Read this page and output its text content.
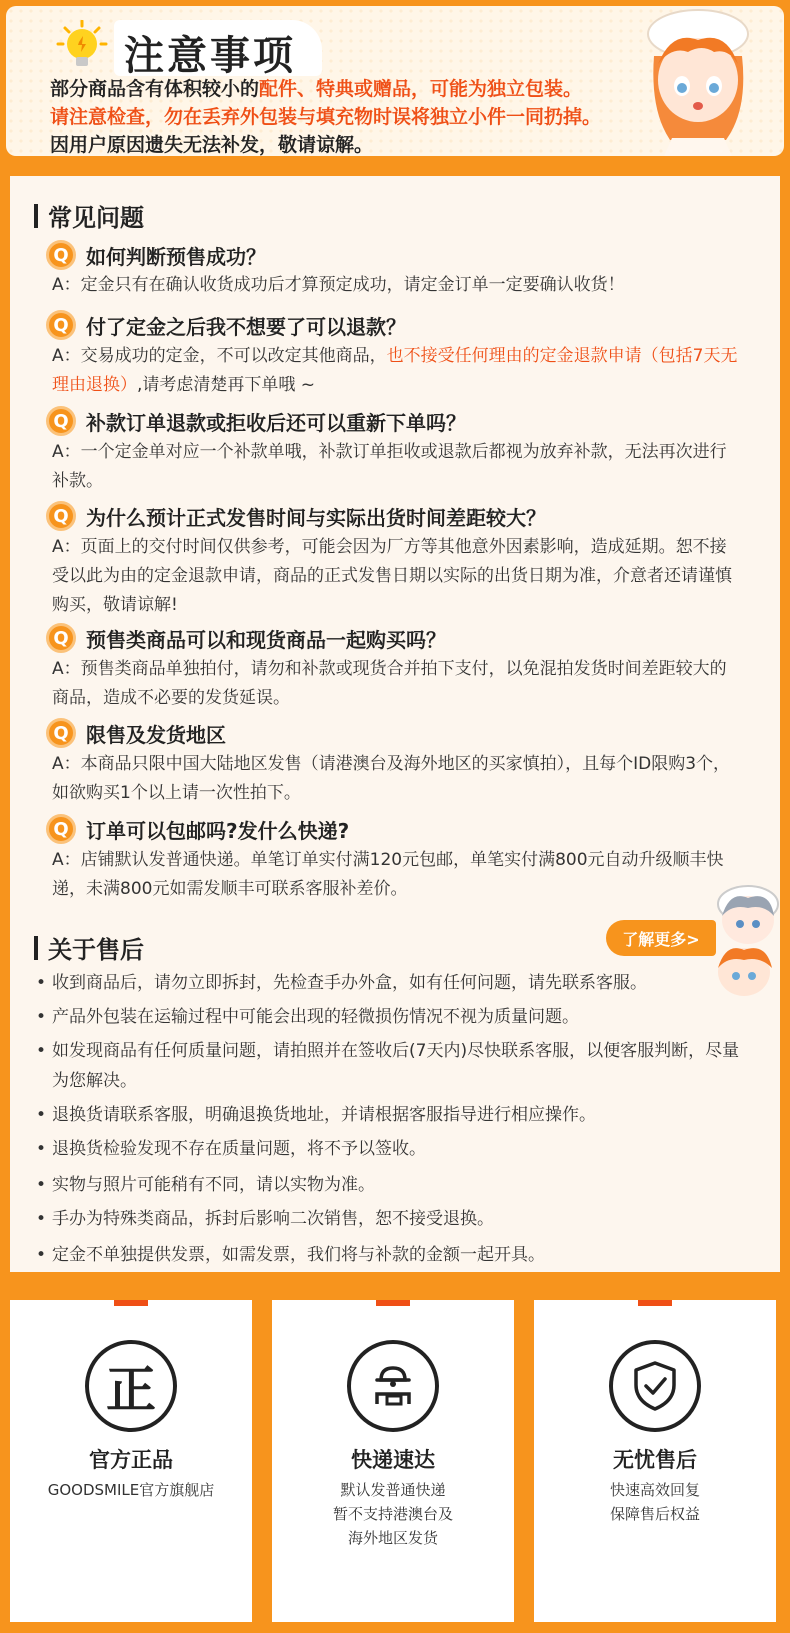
注意事项
部分商品含有体积较小的配件、特典或赠品，可能为独立包装。
请注意检查，勿在丢弃外包装与填充物时误将独立小件一同扔掉。
因用户原因遗失无法补发，敬请谅解。
常见问题
Q 如何判断预售成功？
A：定金只有在确认收货成功后才算预定成功，请定金订单一定要确认收货！
Q 付了定金之后我不想要了可以退款？
A：交易成功的定金，不可以改定其他商品，也不接受任何理由的定金退款申请（包括7天无理由退换）,请考虑清楚再下单哦 ~
Q 补款订单退款或拒收后还可以重新下单吗？
A：一个定金单对应一个补款单哦，补款订单拒收或退款后都视为放弃补款，无法再次进行补款。
Q 为什么预计正式发售时间与实际出货时间差距较大？
A：页面上的交付时间仅供参考，可能会因为厂方等其他意外因素影响，造成延期。恕不接受以此为由的定金退款申请，商品的正式发售日期以实际的出货日期为准，介意者还请谨慎购买，敬请谅解!
Q 预售类商品可以和现货商品一起购买吗？
A：预售类商品单独拍付，请勿和补款或现货合并拍下支付，以免混拍发货时间差距较大的商品，造成不必要的发货延误。
Q 限售及发货地区
A：本商品只限中国大陆地区发售（请港澳台及海外地区的买家慎拍），且每个ID限购3个，如欲购买1个以上请一次性拍下。
Q 订单可以包邮吗?发什么快递?
A：店铺默认发普通快递。单笔订单实付满120元包邮，单笔实付满800元自动升级顺丰快递，未满800元如需发顺丰可联系客服补差价。
关于售后	了解更多>
• 收到商品后，请勿立即拆封，先检查手办外盒，如有任何问题，请先联系客服。
• 产品外包装在运输过程中可能会出现的轻微损伤情况不视为质量问题。
• 如发现商品有任何质量问题，请拍照并在签收后(7天内)尽快联系客服，以便客服判断，尽量为您解决。
• 退换货请联系客服，明确退换货地址，并请根据客服指导进行相应操作。
• 退换货检验发现不存在质量问题，将不予以签收。
• 实物与照片可能稍有不同，请以实物为准。
• 手办为特殊类商品，拆封后影响二次销售，恕不接受退换。
• 定金不单独提供发票，如需发票，我们将与补款的金额一起开具。
正
官方正品
GOODSMILE官方旗舰店
快递速达
默认发普通快递
暂不支持港澳台及
海外地区发货
无忧售后
快速高效回复
保障售后权益
